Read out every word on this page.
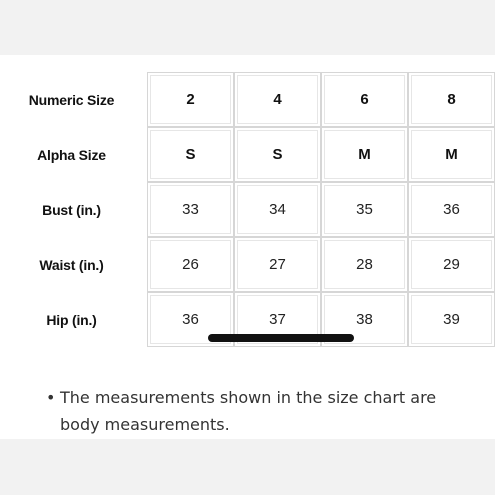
Numeric Size	2	4	6	8
Alpha Size	S	S	M	M
Bust (in.)	33	34	35	36
Waist (in.)	26	27	28	29
Hip (in.)	36	37	38	39
• The measurements shown in the size chart are body measurements.
